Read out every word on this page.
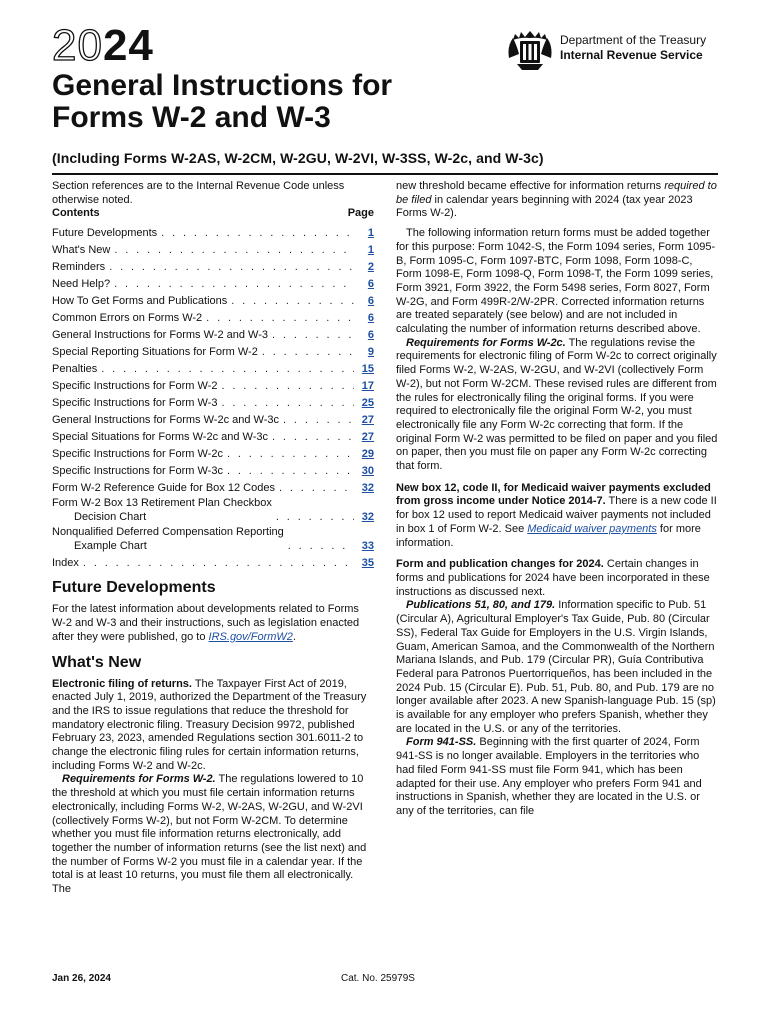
2024	Department of the Treasury
Internal Revenue Service
General Instructions for
Forms W-2 and W-3
(Including Forms W-2AS, W-2CM, W-2GU, W-2VI, W-3SS, W-2c, and W-3c)

Section references are to the Internal Revenue Code unless otherwise noted.

Contents	Page
Future Developments . . .	1
What's New . . .	1
Reminders . . .	2
Need Help? . . .	6
How To Get Forms and Publications . . .	6
Common Errors on Forms W-2 . . .	6
General Instructions for Forms W-2 and W-3 . . .	6
Special Reporting Situations for Form W-2 . . .	9
Penalties . . .	15
Specific Instructions for Form W-2 . . .	17
Specific Instructions for Form W-3 . . .	25
General Instructions for Forms W-2c and W-3c . . .	27
Special Situations for Forms W-2c and W-3c . . .	27
Specific Instructions for Form W-2c . . .	29
Specific Instructions for Form W-3c . . .	30
Form W-2 Reference Guide for Box 12 Codes . . .	32
Form W-2 Box 13 Retirement Plan Checkbox
Decision Chart . . .	32
Nonqualified Deferred Compensation Reporting
Example Chart . . .	33
Index . . .	35
Future Developments

For the latest information about developments related to Forms W-2 and W-3 and their instructions, such as legislation enacted after they were published, go to IRS.gov/FormW2.

What's New

Electronic filing of returns. The Taxpayer First Act of 2019, enacted July 1, 2019, authorized the Department of the Treasury and the IRS to issue regulations that reduce the threshold for mandatory electronic filing. Treasury Decision 9972, published February 23, 2023, amended Regulations section 301.6011-2 to change the electronic filing rules for certain information returns, including Forms W-2 and W-2c.

Requirements for Forms W-2. The regulations lowered to 10 the threshold at which you must file certain information returns electronically, including Forms W-2, W-2AS, W-2GU, and W-2VI (collectively Forms W-2), but not Form W-2CM. To determine whether you must file information returns electronically, add together the number of information returns (see the list next) and the number of Forms W-2 you must file in a calendar year. If the total is at least 10 returns, you must file them all electronically. The

new threshold became effective for information returns required to be filed in calendar years beginning with 2024 (tax year 2023 Forms W-2).

The following information return forms must be added together for this purpose: Form 1042-S, the Form 1094 series, Form 1095-B, Form 1095-C, Form 1097-BTC, Form 1098, Form 1098-C, Form 1098-E, Form 1098-Q, Form 1098-T, the Form 1099 series, Form 3921, Form 3922, the Form 5498 series, Form 8027, Form W-2G, and Form 499R-2/W-2PR. Corrected information returns are treated separately (see below) and are not included in calculating the number of information returns described above.

Requirements for Forms W-2c. The regulations revise the requirements for electronic filing of Form W-2c to correct originally filed Forms W-2, W-2AS, W-2GU, and W-2VI (collectively Form W-2), but not Form W-2CM. These revised rules are different from the rules for electronically filing the original forms. If you were required to electronically file the original Form W-2, you must electronically file any Form W-2c correcting that form. If the original Form W-2 was permitted to be filed on paper and you filed on paper, then you must file on paper any Form W-2c correcting that form.

New box 12, code II, for Medicaid waiver payments excluded from gross income under Notice 2014-7. There is a new code II for box 12 used to report Medicaid waiver payments not included in box 1 of Form W-2. See Medicaid waiver payments for more information.

Form and publication changes for 2024. Certain changes in forms and publications for 2024 have been incorporated in these instructions as discussed next.

Publications 51, 80, and 179. Information specific to Pub. 51 (Circular A), Agricultural Employer's Tax Guide, Pub. 80 (Circular SS), Federal Tax Guide for Employers in the U.S. Virgin Islands, Guam, American Samoa, and the Commonwealth of the Northern Mariana Islands, and Pub. 179 (Circular PR), Guía Contributiva Federal para Patronos Puertorriqueños, has been included in the 2024 Pub. 15 (Circular E). Pub. 51, Pub. 80, and Pub. 179 are no longer available after 2023. A new Spanish-language Pub. 15 (sp) is available for any employer who prefers Spanish, whether they are located in the U.S. or any of the territories.

Form 941-SS. Beginning with the first quarter of 2024, Form 941-SS is no longer available. Employers in the territories who had filed Form 941-SS must file Form 941, which has been adapted for their use. Any employer who prefers Form 941 and instructions in Spanish, whether they are located in the U.S. or any of the territories, can file

Jan 26, 2024	Cat. No. 25979S
